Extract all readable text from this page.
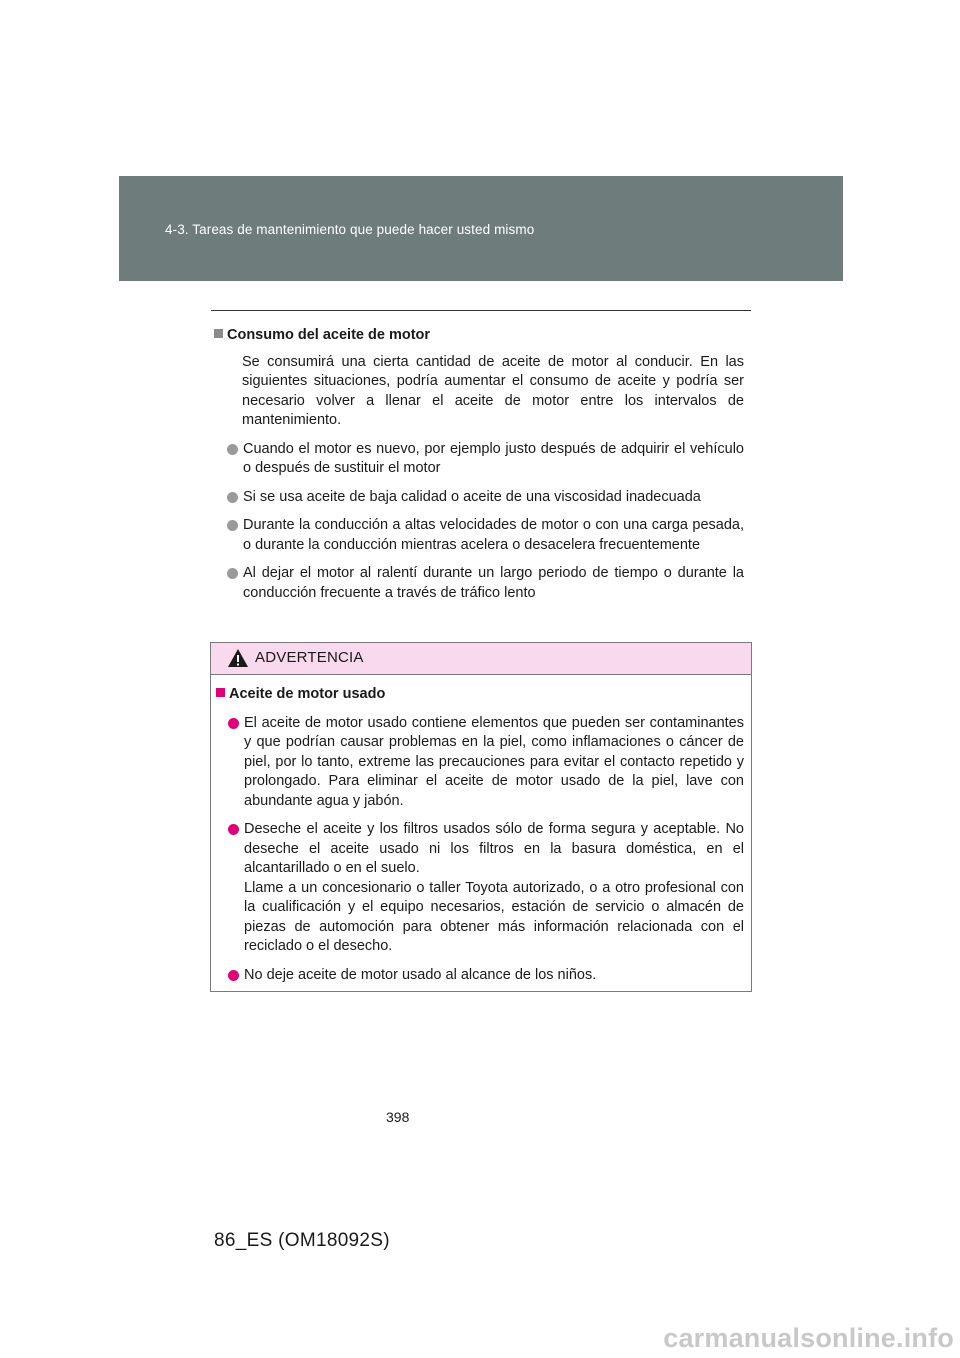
4-3. Tareas de mantenimiento que puede hacer usted mismo
Consumo del aceite de motor
Se consumirá una cierta cantidad de aceite de motor al conducir. En las siguientes situaciones, podría aumentar el consumo de aceite y podría ser necesario volver a llenar el aceite de motor entre los intervalos de mantenimiento.
Cuando el motor es nuevo, por ejemplo justo después de adquirir el vehículo o después de sustituir el motor
Si se usa aceite de baja calidad o aceite de una viscosidad inadecuada
Durante la conducción a altas velocidades de motor o con una carga pesada, o durante la conducción mientras acelera o desacelera frecuentemente
Al dejar el motor al ralentí durante un largo periodo de tiempo o durante la conducción frecuente a través de tráfico lento
ADVERTENCIA
Aceite de motor usado
El aceite de motor usado contiene elementos que pueden ser contaminantes y que podrían causar problemas en la piel, como inflamaciones o cáncer de piel, por lo tanto, extreme las precauciones para evitar el contacto repetido y prolongado. Para eliminar el aceite de motor usado de la piel, lave con abundante agua y jabón.
Deseche el aceite y los filtros usados sólo de forma segura y aceptable. No deseche el aceite usado ni los filtros en la basura doméstica, en el alcantarillado o en el suelo.
Llame a un concesionario o taller Toyota autorizado, o a otro profesional con la cualificación y el equipo necesarios, estación de servicio o almacén de piezas de automoción para obtener más información relacionada con el reciclado o el desecho.
No deje aceite de motor usado al alcance de los niños.
398
86_ES (OM18092S)
carmanualsonline.info
